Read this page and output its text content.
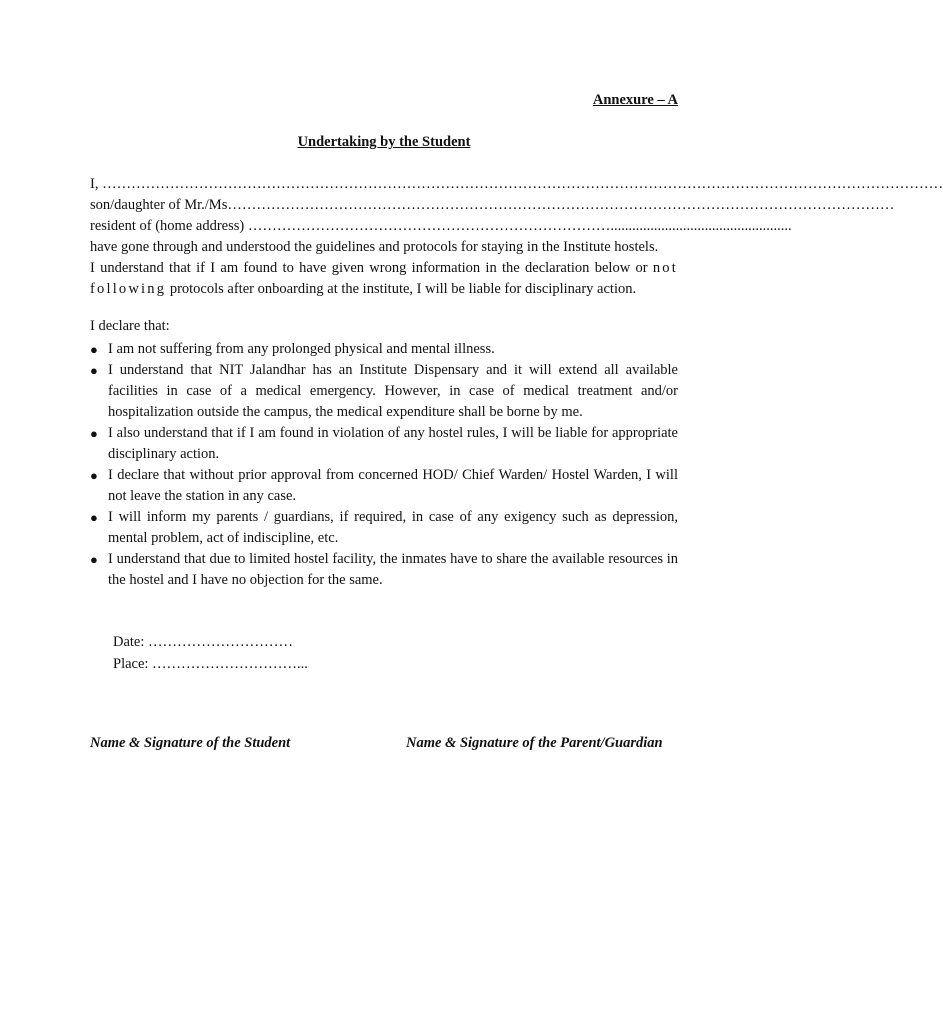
Annexure – A
Undertaking by the Student
I, …………………………………………………………………………………………………………………………………………………………
son/daughter of Mr./Ms…………………………………………………………………………………………………………………………
resident of (home address) …………………………………………………………………..................................................
have gone through and understood the guidelines and protocols for staying in the Institute hostels.
I understand that if I am found to have given wrong information in the declaration below or not following protocols after onboarding at the institute, I will be liable for disciplinary action.
I declare that:
● I am not suffering from any prolonged physical and mental illness.
● I understand that NIT Jalandhar has an Institute Dispensary and it will extend all available facilities in case of a medical emergency. However, in case of medical treatment and/or hospitalization outside the campus, the medical expenditure shall be borne by me.
● I also understand that if I am found in violation of any hostel rules, I will be liable for appropriate disciplinary action.
● I declare that without prior approval from concerned HOD/ Chief Warden/ Hostel Warden, I will not leave the station in any case.
● I will inform my parents / guardians, if required, in case of any exigency such as depression, mental problem, act of indiscipline, etc.
● I understand that due to limited hostel facility, the inmates have to share the available resources in the hostel and I have no objection for the same.
Date: …………………………
Place: …………………………...
Name & Signature of the Student	Name & Signature of the Parent/Guardian
